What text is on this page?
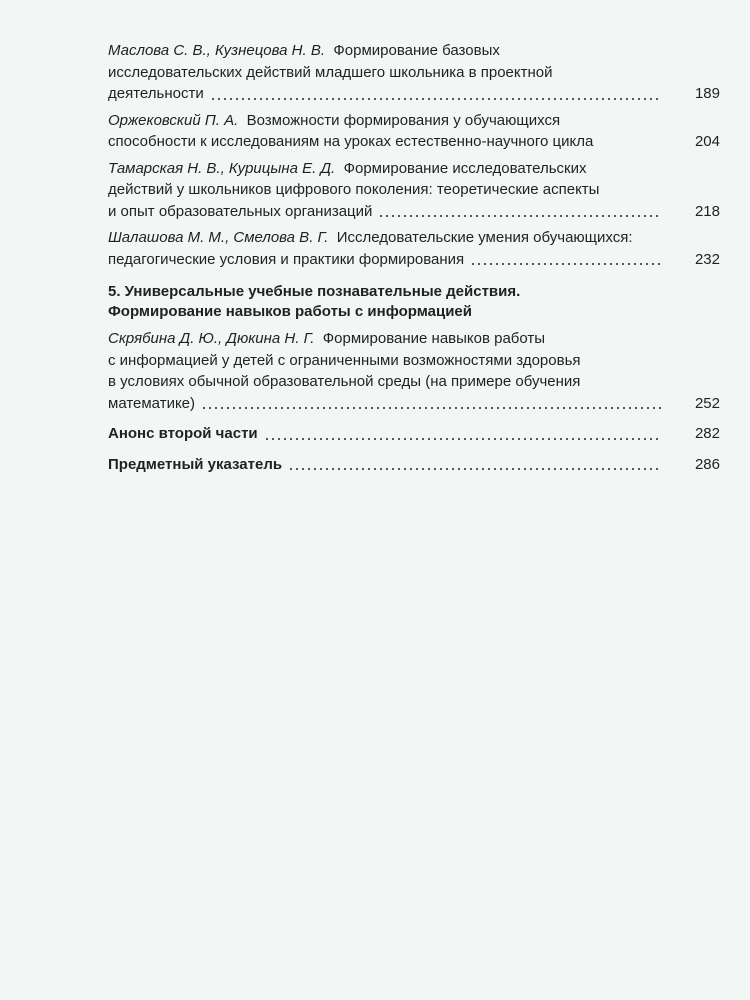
Маслова С. В., Кузнецова Н. В. Формирование базовых
исследовательских действий младшего школьника в проектной
деятельности	189
Оржековский П. А. Возможности формирования у обучающихся
способности к исследованиям на уроках естественно-научного цикла	204
Тамарская Н. В., Курицына Е. Д. Формирование исследовательских
действий у школьников цифрового поколения: теоретические аспекты
и опыт образовательных организаций	218
Шалашова М. М., Смелова В. Г. Исследовательские умения обучающихся:
педагогические условия и практики формирования	232
5. Универсальные учебные познавательные действия.
Формирование навыков работы с информацией
Скрябина Д. Ю., Дюкина Н. Г. Формирование навыков работы
с информацией у детей с ограниченными возможностями здоровья
в условиях обычной образовательной среды (на примере обучения
математике)	252
Анонс второй части	282
Предметный указатель	286
